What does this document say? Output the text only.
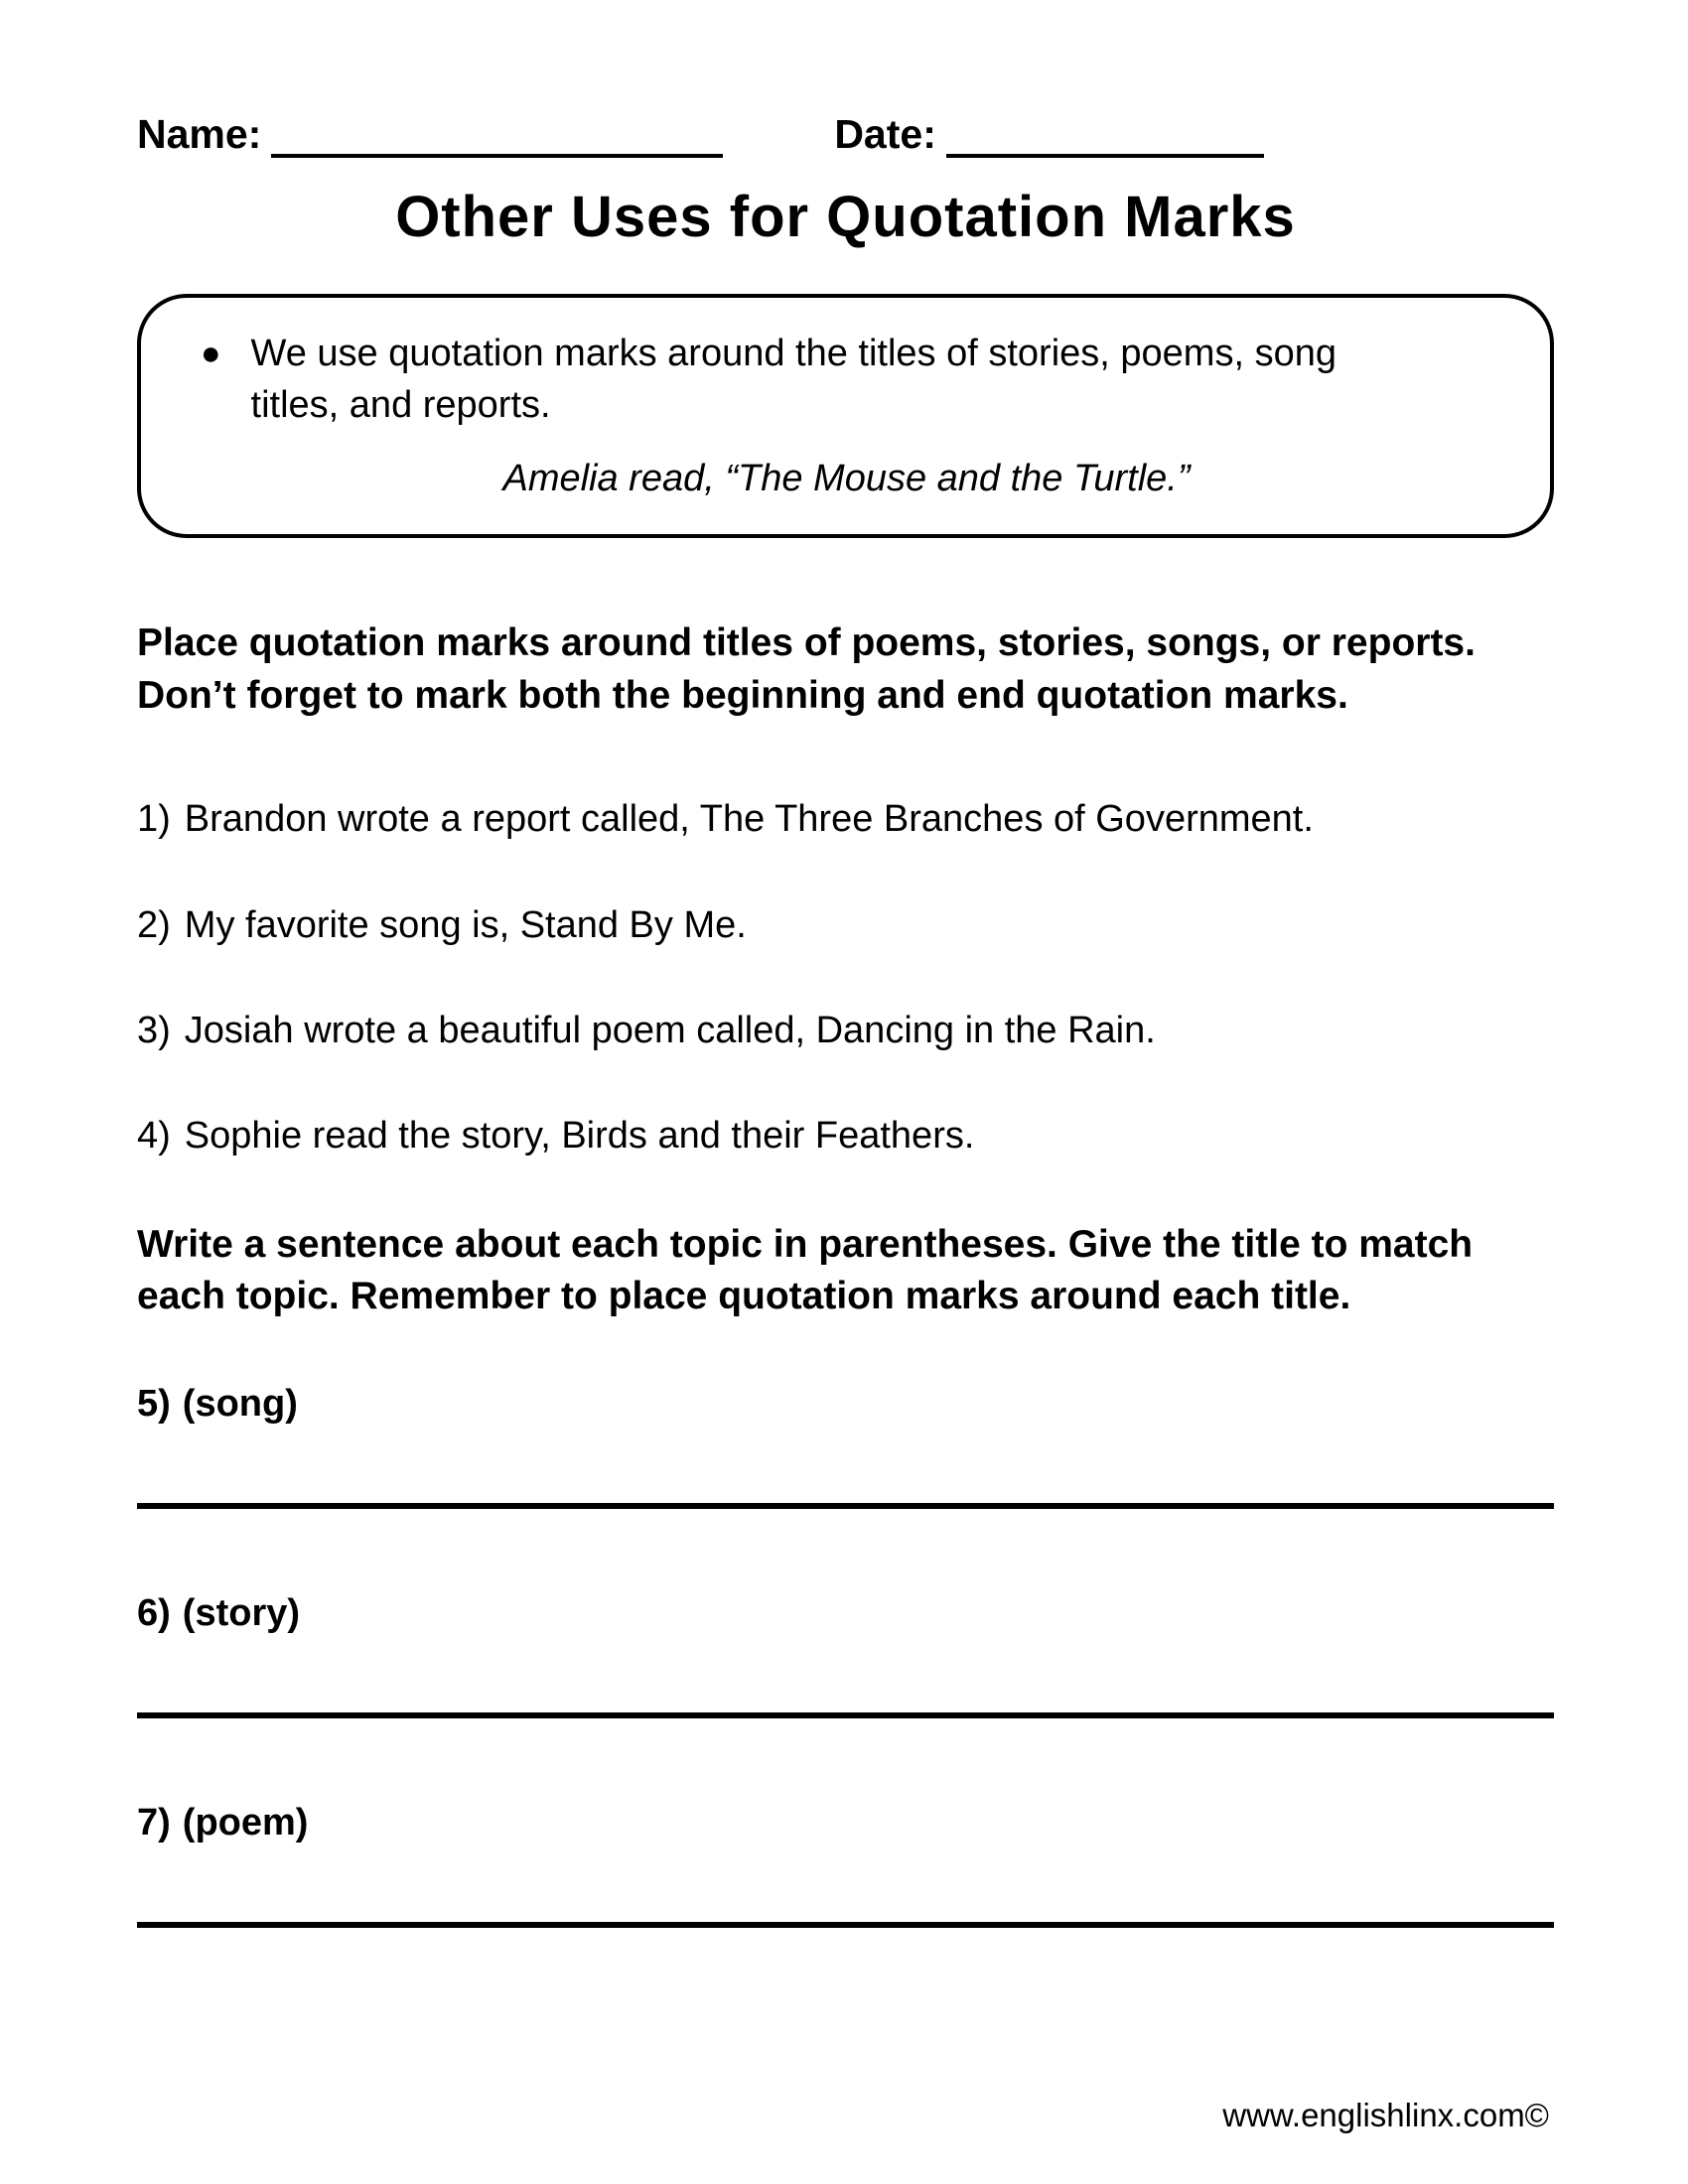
Name:	Date:
Other Uses for Quotation Marks
● We use quotation marks around the titles of stories, poems, song
titles, and reports.
Amelia read, “The Mouse and the Turtle.”

Place quotation marks around titles of poems, stories, songs, or reports.
Don’t forget to mark both the beginning and end quotation marks.

1) Brandon wrote a report called, The Three Branches of Government.

2) My favorite song is, Stand By Me.

3) Josiah wrote a beautiful poem called, Dancing in the Rain.

4) Sophie read the story, Birds and their Feathers.

Write a sentence about each topic in parentheses. Give the title to match
each topic. Remember to place quotation marks around each title.

5) (song)

6) (story)

7) (poem)

www.englishlinx.com©
